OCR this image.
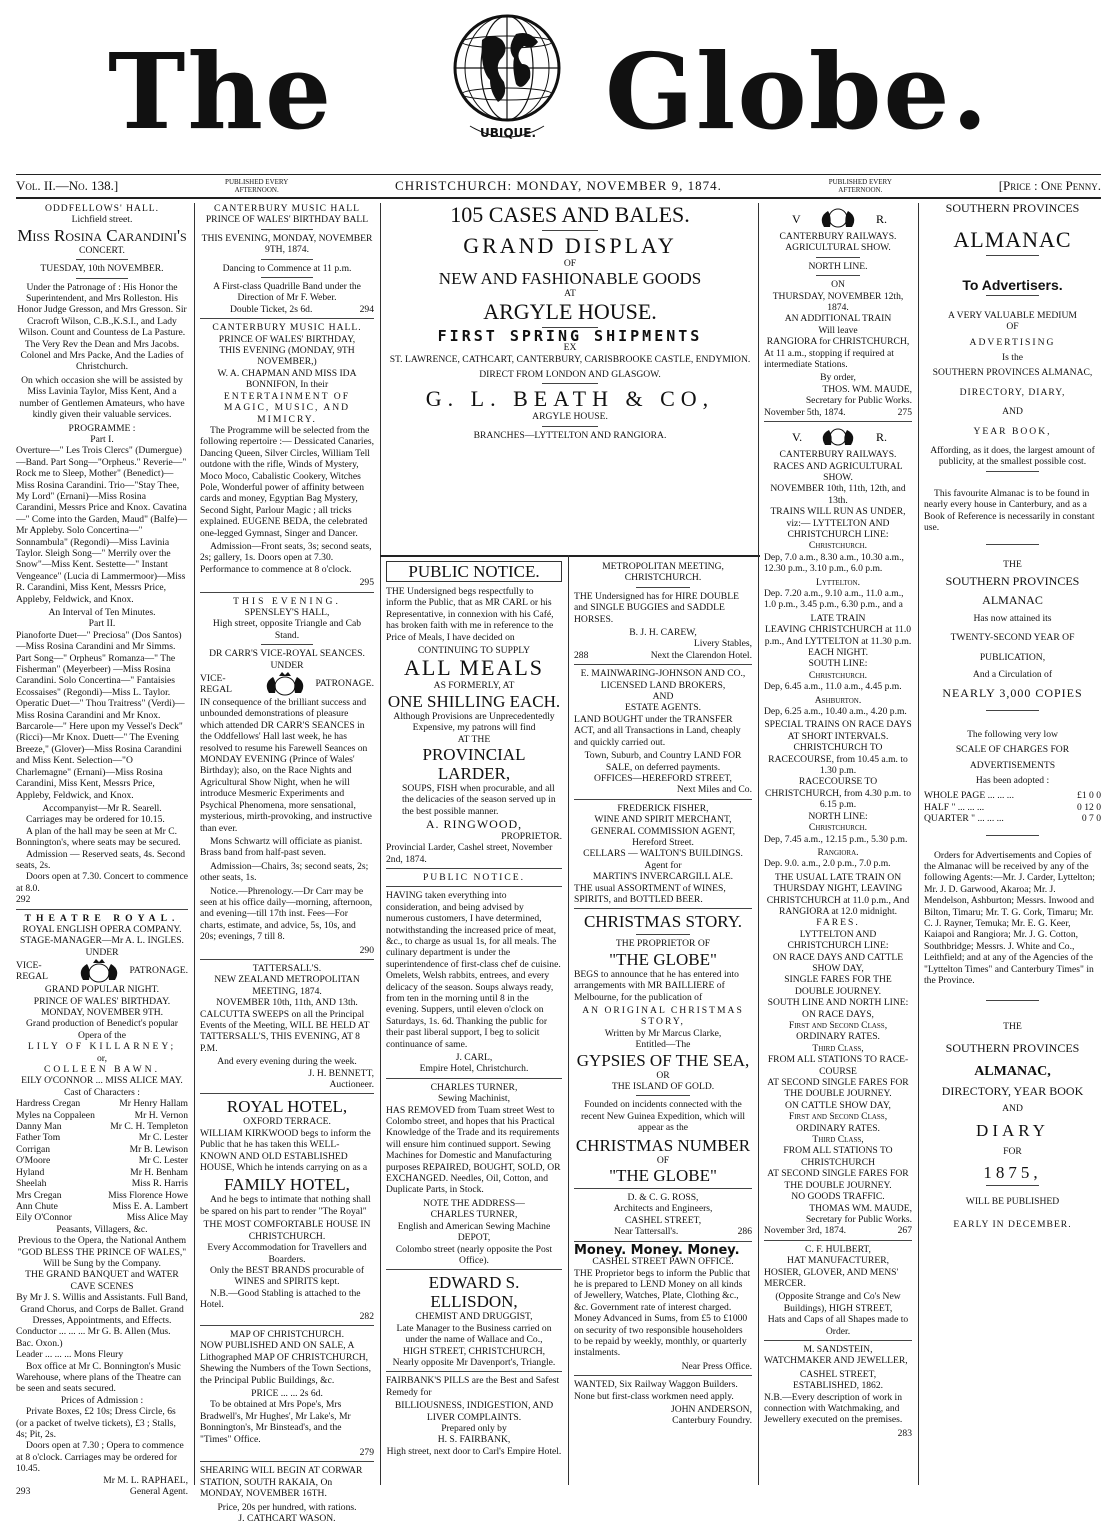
The	UBIQUE. Globe.
Vol. II.—No. 138.]	PUBLISHED EVERY AFTERNOON.	CHRISTCHURCH: MONDAY, NOVEMBER 9, 1874.	PUBLISHED EVERY AFTERNOON.	[Price : One Penny.
ODDFELLOWS' HALL.
Lichfield street.
Miss Rosina Carandini's
CONCERT.
TUESDAY, 10th NOVEMBER.
Under the Patronage of : His Honor the Superintendent, and Mrs Rolleston. His Honor Judge Gresson, and Mrs Gresson. Sir Cracroft Wilson, C.B.,K.S.I., and Lady Wilson. Count and Countess de La Pasture. The Very Rev the Dean and Mrs Jacobs. Colonel and Mrs Packe, And the Ladies of Christchurch.
On which occasion she will be assisted by Miss Lavinia Taylor, Miss Kent, And a number of Gentlemen Amateurs, who have kindly given their valuable services.
PROGRAMME :
Part I.
Overture—" Les Trois Clercs" (Dumergue)—Band. Part Song—"Orpheus." Reverie—" Rock me to Sleep, Mother" (Benedict)—Miss Rosina Carandini. Trio—"Stay Thee, My Lord" (Ernani)—Miss Rosina Carandini, Messrs Price and Knox. Cavatina—" Come into the Garden, Maud" (Balfe)—Mr Appleby. Solo Concertina—" Sonnambula" (Regondi)—Miss Lavinia Taylor. Sleigh Song—" Merrily over the Snow"—Miss Kent. Sestette—" Instant Vengeance" (Lucia di Lammermoor)—Miss R. Carandini, Miss Kent, Messrs Price, Appleby, Feldwick, and Knox.
An Interval of Ten Minutes.
Part II.
Pianoforte Duet—" Preciosa" (Dos Santos) —Miss Rosina Carandini and Mr Simms. Part Song—" Orpheus" Romanza—" The Fisherman" (Meyerbeer) —Miss Rosina Carandini. Solo Concertina—" Fantaisies Ecossaises" (Regondi)—Miss L. Taylor. Operatic Duet—" Thou Traitress" (Verdi)—Miss Rosina Carandini and Mr Knox. Barcarole—" Here upon my Vessel's Deck" (Ricci)—Mr Knox. Duett—" The Evening Breeze," (Glover)—Miss Rosina Carandini and Miss Kent. Selection—"O Charlemagne" (Ernani)—Miss Rosina Carandini, Miss Kent, Messrs Price, Appleby, Feldwick, and Knox.
Accompanyist—Mr R. Searell.
Carriages may be ordered for 10.15.
A plan of the hall may be seen at Mr C. Bonnington's, where seats may be secured.
Admission — Reserved seats, 4s. Second seats, 2s.
Doors open at 7.30. Concert to commence at 8.0.
292
THEATRE ROYAL.
ROYAL ENGLISH OPERA COMPANY.
STAGE-MANAGER—Mr A. L. INGLES.
UNDER
VICE-REGAL
PATRONAGE.
GRAND POPULAR NIGHT.
PRINCE OF WALES' BIRTHDAY.
MONDAY, NOVEMBER 9TH.
Grand production of Benedict's popular Opera of the
LILY OF KILLARNEY;
or,
COLLEEN BAWN.
EILY O'CONNOR ... MISS ALICE MAY.
Cast of Characters :
Hardress Cregan	Mr Henry Hallam
Myles na Coppaleen	Mr H. Vernon
Danny Man	Mr C. H. Templeton
Father Tom	Mr C. Lester
Corrigan	Mr B. Lewison
O'Moore	Mr C. Lester
Hyland	Mr H. Benham
Sheelah	Miss R. Harris
Mrs Cregan	Miss Florence Howe
Ann Chute	Miss E. A. Lambert
Eily O'Connor	Miss Alice May
Peasants, Villagers, &c.
Previous to the Opera, the National Anthem "GOD BLESS THE PRINCE OF WALES,"
Will be Sung by the Company.
THE GRAND BANQUET and WATER CAVE SCENES
By Mr J. S. Willis and Assistants. Full Band, Grand Chorus, and Corps de Ballet. Grand Dresses, Appointments, and Effects.
Conductor ... ... ... Mr G. B. Allen (Mus. Bac. Oxon.)
Leader ... ... ... Mons Fleury
Box office at Mr C. Bonnington's Music Warehouse, where plans of the Theatre can be seen and seats secured.
Prices of Admission :
Private Boxes, £2 10s; Dress Circle, 6s (or a packet of twelve tickets), £3 ; Stalls, 4s; Pit, 2s.
Doors open at 7.30 ; Opera to commence at 8 o'clock. Carriages may be ordered for 10.45.
Mr M. L. RAPHAEL,
293	General Agent.
CANTERBURY MUSIC HALL
PRINCE OF WALES' BIRTHDAY BALL
THIS EVENING, MONDAY, NOVEMBER 9TH, 1874.
Dancing to Commence at 11 p.m.
A First-class Quadrille Band under the Direction of Mr F. Weber.
Double Ticket, 2s 6d.	294
CANTERBURY MUSIC HALL.
PRINCE OF WALES' BIRTHDAY,
THIS EVENING (MONDAY, 9TH NOVEMBER,)
W. A. CHAPMAN AND MISS IDA BONNIFON, In their
ENTERTAINMENT OF MAGIC, MUSIC, AND MIMICRY.
The Programme will be selected from the following repertoire :— Dessicated Canaries, Dancing Queen, Silver Circles, William Tell outdone with the rifle, Winds of Mystery, Moco Moco, Cabalistic Cookery, Witches Pole, Wonderful power of affinity between cards and money, Egyptian Bag Mystery, Second Sight, Parlour Magic ; all tricks explained. EUGENE BEDA, the celebrated one-legged Gymnast, Singer and Dancer.
Admission—Front seats, 3s; second seats, 2s; gallery, 1s. Doors open at 7.30. Performance to commence at 8 o'clock.
295
THIS EVENING.
SPENSLEY'S HALL,
High street, opposite Triangle and Cab Stand.
DR CARR'S VICE-ROYAL SEANCES.
UNDER
VICE-REGAL
PATRONAGE.
IN consequence of the brilliant success and unbounded demonstrations of pleasure which attended DR CARR'S SEANCES in the Oddfellows' Hall last week, he has resolved to resume his Farewell Seances on MONDAY EVENING (Prince of Wales' Birthday); also, on the Race Nights and Agricultural Show Night, when he will introduce Mesmeric Experiments and Psychical Phenomena, more sensational, mysterious, mirth-provoking, and instructive than ever.
Mons Schwartz will officiate as pianist. Brass band from half-past seven.
Admission—Chairs, 3s; second seats, 2s; other seats, 1s.
Notice.—Phrenology.—Dr Carr may be seen at his office daily—morning, afternoon, and evening—till 17th inst. Fees—For charts, estimate, and advice, 5s, 10s, and 20s; evenings, 7 till 8.
290
TATTERSALL'S.
NEW ZEALAND METROPOLITAN MEETING, 1874.
NOVEMBER 10th, 11th, AND 13th.
CALCUTTA SWEEPS on all the Principal Events of the Meeting, WILL BE HELD AT TATTERSALL'S, THIS EVENING, AT 8 P.M.
And every evening during the week.
J. H. BENNETT,
Auctioneer.
ROYAL HOTEL,
OXFORD TERRACE.
WILLIAM KIRKWOOD begs to inform the Public that he has taken this WELL-KNOWN AND OLD ESTABLISHED HOUSE, Which he intends carrying on as a
FAMILY HOTEL,
And he begs to intimate that nothing shall be spared on his part to render "The Royal"
THE MOST COMFORTABLE HOUSE IN CHRISTCHURCH.
Every Accommodation for Travellers and Boarders.
Only the BEST BRANDS procurable of WINES and SPIRITS kept.
N.B.—Good Stabling is attached to the Hotel.
282
MAP OF CHRISTCHURCH.
NOW PUBLISHED AND ON SALE, A Lithographed MAP OF CHRISTCHURCH, Shewing the Numbers of the Town Sections, the Principal Public Buildings, &c.
PRICE ... ... 2s 6d.
To be obtained at Mrs Pope's, Mrs Bradwell's, Mr Hughes', Mr Lake's, Mr Bonnington's, Mr Binstead's, and the "Times" Office.
279
SHEARING WILL BEGIN AT CORWAR STATION, SOUTH RAKAIA, On MONDAY, NOVEMBER 16TH.
Price, 20s per hundred, with rations.
J. CATHCART WASON.
105 CASES AND BALES.
GRAND DISPLAY
OF
NEW AND FASHIONABLE GOODS
AT
ARGYLE HOUSE.
FIRST SPRING SHIPMENTS
EX
ST. LAWRENCE, CATHCART, CANTERBURY, CARISBROOKE CASTLE, ENDYMION.
DIRECT FROM LONDON AND GLASGOW.
G. L. BEATH & CO,
ARGYLE HOUSE.
BRANCHES—LYTTELTON AND RANGIORA.
PUBLIC NOTICE.
THE Undersigned begs respectfully to inform the Public, that as MR CARL or his Representative, in connexion with his Café, has broken faith with me in reference to the Price of Meals, I have decided on
CONTINUING TO SUPPLY
ALL MEALS
AS FORMERLY, AT
ONE SHILLING EACH.
Although Provisions are Unprecedentedly Expensive, my patrons will find
AT THE
PROVINCIAL LARDER,
SOUPS, FISH when procurable, and all the delicacies of the season served up in the best possible manner.
A. RINGWOOD,
PROPRIETOR.
Provincial Larder, Cashel street, November 2nd, 1874.
PUBLIC NOTICE.
HAVING taken everything into consideration, and being advised by numerous customers, I have determined, notwithstanding the increased price of meat, &c., to charge as usual 1s, for all meals. The culinary department is under the superintendence of first-class chef de cuisine. Omelets, Welsh rabbits, entrees, and every delicacy of the season. Soups always ready, from ten in the morning until 8 in the evening. Suppers, until eleven o'clock on Saturdays, 1s. 6d. Thanking the public for their past liberal support, I beg to solicit continuance of same.
J. CARL,
Empire Hotel, Christchurch.
CHARLES TURNER,
Sewing Machinist,
HAS REMOVED from Tuam street West to Colombo street, and hopes that his Practical Knowledge of the Trade and its requirements will ensure him continued support. Sewing Machines for Domestic and Manufacturing purposes REPAIRED, BOUGHT, SOLD, OR EXCHANGED. Needles, Oil, Cotton, and Duplicate Parts, in Stock.
NOTE THE ADDRESS—
CHARLES TURNER,
English and American Sewing Machine DEPOT,
Colombo street (nearly opposite the Post Office).
EDWARD S. ELLISDON,
CHEMIST AND DRUGGIST,
Late Manager to the Business carried on under the name of Wallace and Co.,
HIGH STREET, CHRISTCHURCH,
Nearly opposite Mr Davenport's, Triangle.
FAIRBANK'S PILLS are the Best and Safest Remedy for
BILLIOUSNESS, INDIGESTION, AND LIVER COMPLAINTS.
Prepared only by
H. S. FAIRBANK,
High street, next door to Carl's Empire Hotel.
METROPOLITAN MEETING, CHRISTCHURCH.
THE Undersigned has for HIRE DOUBLE and SINGLE BUGGIES and SADDLE HORSES.
B. J. H. CAREW,
Livery Stables,
288	Next the Clarendon Hotel.
E. MAINWARING-JOHNSON AND CO.,
LICENSED LAND BROKERS,
AND
ESTATE AGENTS.
LAND BOUGHT under the TRANSFER ACT, and all Transactions in Land, cheaply and quickly carried out.
Town, Suburb, and Country LAND FOR SALE, on deferred payments.
OFFICES—HEREFORD STREET,
Next Miles and Co.
FREDERICK FISHER,
WINE AND SPIRIT MERCHANT,
GENERAL COMMISSION AGENT,
Hereford Street.
CELLARS — WALTON'S BUILDINGS.
Agent for
MARTIN'S INVERCARGILL ALE.
THE usual ASSORTMENT of WINES, SPIRITS, and BOTTLED BEER.
CHRISTMAS STORY.
THE PROPRIETOR OF
"THE GLOBE"
BEGS to announce that he has entered into arrangements with MR BAILLIERE of Melbourne, for the publication of
AN ORIGINAL CHRISTMAS STORY,
Written by Mr Marcus Clarke,
Entitled—The
GYPSIES OF THE SEA,
OR
THE ISLAND OF GOLD.
Founded on incidents connected with the recent New Guinea Expedition, which will appear as the
CHRISTMAS NUMBER
OF
"THE GLOBE"
D. & C. G. ROSS,
Architects and Engineers,
CASHEL STREET,
Near Tattersall's.	286
Money. Money. Money.
CASHEL STREET PAWN OFFICE.
THE Proprietor begs to inform the Public that he is prepared to LEND Money on all kinds of Jewellery, Watches, Plate, Clothing &c., &c. Government rate of interest charged. Money Advanced in Sums, from £5 to £1000 on security of two responsible householders to be repaid by weekly, monthly, or quarterly instalments.
Near Press Office.
WANTED, Six Railway Waggon Builders. None but first-class workmen need apply.
JOHN ANDERSON,
Canterbury Foundry.
V	R.
CANTERBURY RAILWAYS.
AGRICULTURAL SHOW.
NORTH LINE.
ON
THURSDAY, NOVEMBER 12th, 1874.
AN ADDITIONAL TRAIN
Will leave
RANGIORA for CHRISTCHURCH,
At 11 a.m., stopping if required at intermediate Stations.
By order,
THOS. WM. MAUDE,
Secretary for Public Works.
November 5th, 1874.	275
V.	R.
CANTERBURY RAILWAYS.
RACES AND AGRICULTURAL SHOW.
NOVEMBER 10th, 11th, 12th, and 13th.
TRAINS WILL RUN AS UNDER, viz:— LYTTELTON AND CHRISTCHURCH LINE:
Christchurch.
Dep, 7.0 a.m., 8.30 a.m., 10.30 a.m., 12.30 p.m., 3.10 p.m., 6.0 p.m.
Lyttelton.
Dep. 7.20 a.m., 9.10 a.m., 11.0 a.m., 1.0 p.m., 3.45 p.m., 6.30 p.m., and a
LATE TRAIN
LEAVING CHRISTCHURCH at 11.0 p.m., And LYTTELTON at 11.30 p.m.
EACH NIGHT.
SOUTH LINE:
Christchurch.
Dep, 6.45 a.m., 11.0 a.m., 4.45 p.m.
Ashburton.
Dep, 6.25 a.m., 10.40 a.m., 4.20 p.m.
SPECIAL TRAINS ON RACE DAYS AT SHORT INTERVALS.
CHRISTCHURCH TO RACECOURSE, from 10.45 a.m. to 1.30 p.m.
RACECOURSE TO CHRISTCHURCH, from 4.30 p.m. to 6.15 p.m.
NORTH LINE:
Christchurch.
Dep, 7.45 a.m., 12.15 p.m., 5.30 p.m.
Rangiora.
Dep. 9.0. a.m., 2.0 p.m., 7.0 p.m.
THE USUAL LATE TRAIN ON THURSDAY NIGHT, LEAVING CHRISTCHURCH at 11.0 p.m., And RANGIORA at 12.0 midnight.
FARES.
LYTTELTON AND CHRISTCHURCH LINE:
ON RACE DAYS AND CATTLE SHOW DAY,
SINGLE FARES FOR THE DOUBLE JOURNEY.
SOUTH LINE AND NORTH LINE: ON RACE DAYS,
First and Second Class,
ORDINARY RATES.
Third Class,
FROM ALL STATIONS TO RACE-COURSE
AT SECOND SINGLE FARES FOR THE DOUBLE JOURNEY.
ON CATTLE SHOW DAY,
First and Second Class,
ORDINARY RATES.
Third Class,
FROM ALL STATIONS TO CHRISTCHURCH
AT SECOND SINGLE FARES FOR THE DOUBLE JOURNEY.
NO GOODS TRAFFIC.
THOMAS WM. MAUDE,
Secretary for Public Works.
November 3rd, 1874.	267
C. F. HULBERT,
HAT MANUFACTURER,
HOSIER, GLOVER, AND MENS' MERCER.
(Opposite Strange and Co's New Buildings), HIGH STREET,
Hats and Caps of all Shapes made to Order.
M. SANDSTEIN,
WATCHMAKER AND JEWELLER,
CASHEL STREET,
ESTABLISHED, 1862.
N.B.—Every description of work in connection with Watchmaking, and Jewellery executed on the premises.
283
SOUTHERN PROVINCES
ALMANAC
To Advertisers.
A VERY VALUABLE MEDIUM
OF
ADVERTISING
Is the
SOUTHERN PROVINCES ALMANAC,
DIRECTORY, DIARY,
AND
YEAR BOOK,
Affording, as it does, the largest amount of publicity, at the smallest possible cost.
This favourite Almanac is to be found in nearly every house in Canterbury, and as a Book of Reference is necessarily in constant use.
THE
SOUTHERN PROVINCES
ALMANAC
Has now attained its
TWENTY-SECOND YEAR OF
PUBLICATION,
And a Circulation of
NEARLY 3,000 COPIES
The following very low
SCALE OF CHARGES FOR
ADVERTISEMENTS
Has been adopted :
WHOLE PAGE ... ... ...	£1 0 0
HALF " ... ... ...	0 12 0
QUARTER " ... ... ...	0 7 0
Orders for Advertisements and Copies of the Almanac will be received by any of the following Agents:—Mr. J. Carder, Lyttelton; Mr. J. D. Garwood, Akaroa; Mr. J. Mendelson, Ashburton; Messrs. Inwood and Bilton, Timaru; Mr. T. G. Cork, Timaru; Mr. C. J. Rayner, Temuka; Mr. E. G. Keer, Kaiapoi and Rangiora; Mr. J. G. Cotton, Southbridge; Messrs. J. White and Co., Leithfield; and at any of the Agencies of the "Lyttelton Times" and Canterbury Times" in the Province.
THE
SOUTHERN PROVINCES
ALMANAC,
DIRECTORY, YEAR BOOK
AND
DIARY
FOR
1875,
WILL BE PUBLISHED
EARLY IN DECEMBER.
